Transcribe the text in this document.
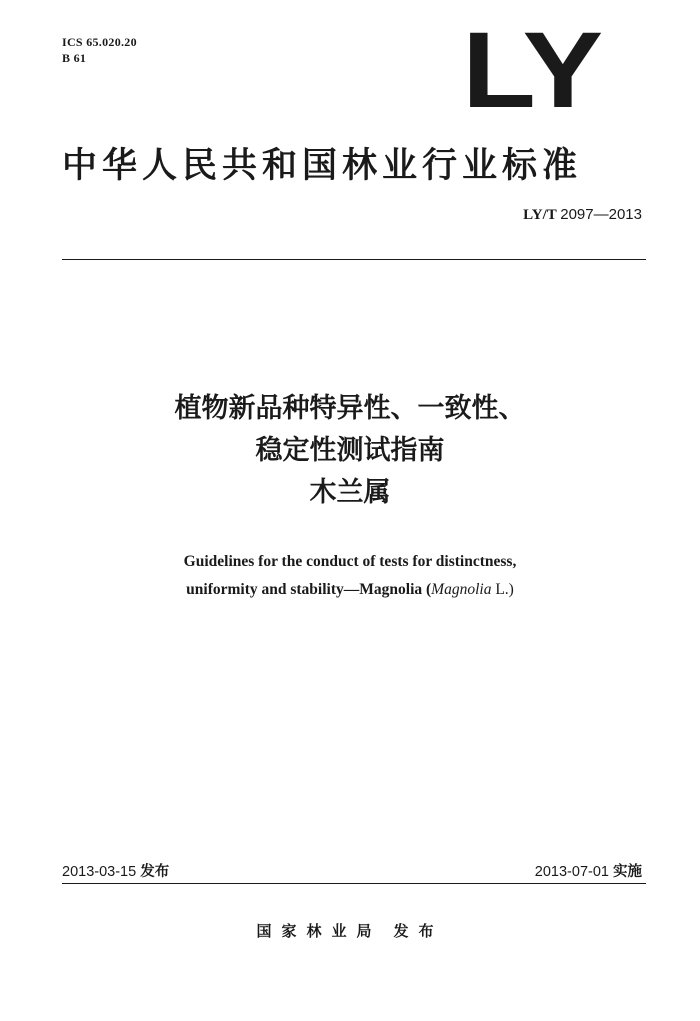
ICS 65.020.20
B 61	LY
中华人民共和国林业行业标准
LY/T 2097—2013
植物新品种特异性、一致性、
稳定性测试指南
木兰属
Guidelines for the conduct of tests for distinctness,
uniformity and stability—Magnolia (Magnolia L.)
2013-03-15 发布	2013-07-01 实施
国家林业局 发布
